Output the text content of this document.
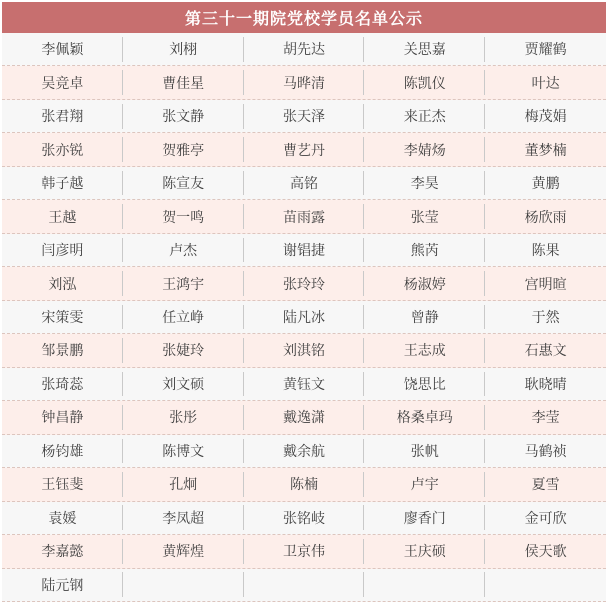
第三十一期院党校学员名单公示
李佩颖	刘栩	胡先达	关思嘉	贾耀鹤
吴竞卓	曹佳星	马晔清	陈凯仪	叶达
张君翔	张文静	张天泽	来正杰	梅茂娟
张亦锐	贺雅亭	曹艺丹	李婧炀	董梦楠
韩子越	陈宣友	高铭	李昊	黄鹏
王越	贺一鸣	苗雨露	张莹	杨欣雨
闫彦明	卢杰	谢锠捷	熊芮	陈果
刘泓	王鸿宇	张玲玲	杨淑婷	宫明暄
宋策雯	任立峥	陆凡冰	曾静	于然
邹景鹏	张婕玲	刘淇铭	王志成	石惠文
张琦蕊	刘文硕	黄钰文	饶思比	耿晓晴
钟昌静	张彤	戴逸潇	格桑卓玛	李莹
杨钧雄	陈博文	戴余航	张帆	马鹤祯
王钰斐	孔炯	陈楠	卢宇	夏雪
袁媛	李凤超	张铭岐	廖香门	金可欣
李嘉懿	黄辉煌	卫京伟	王庆硕	侯天歌
陆元钢
